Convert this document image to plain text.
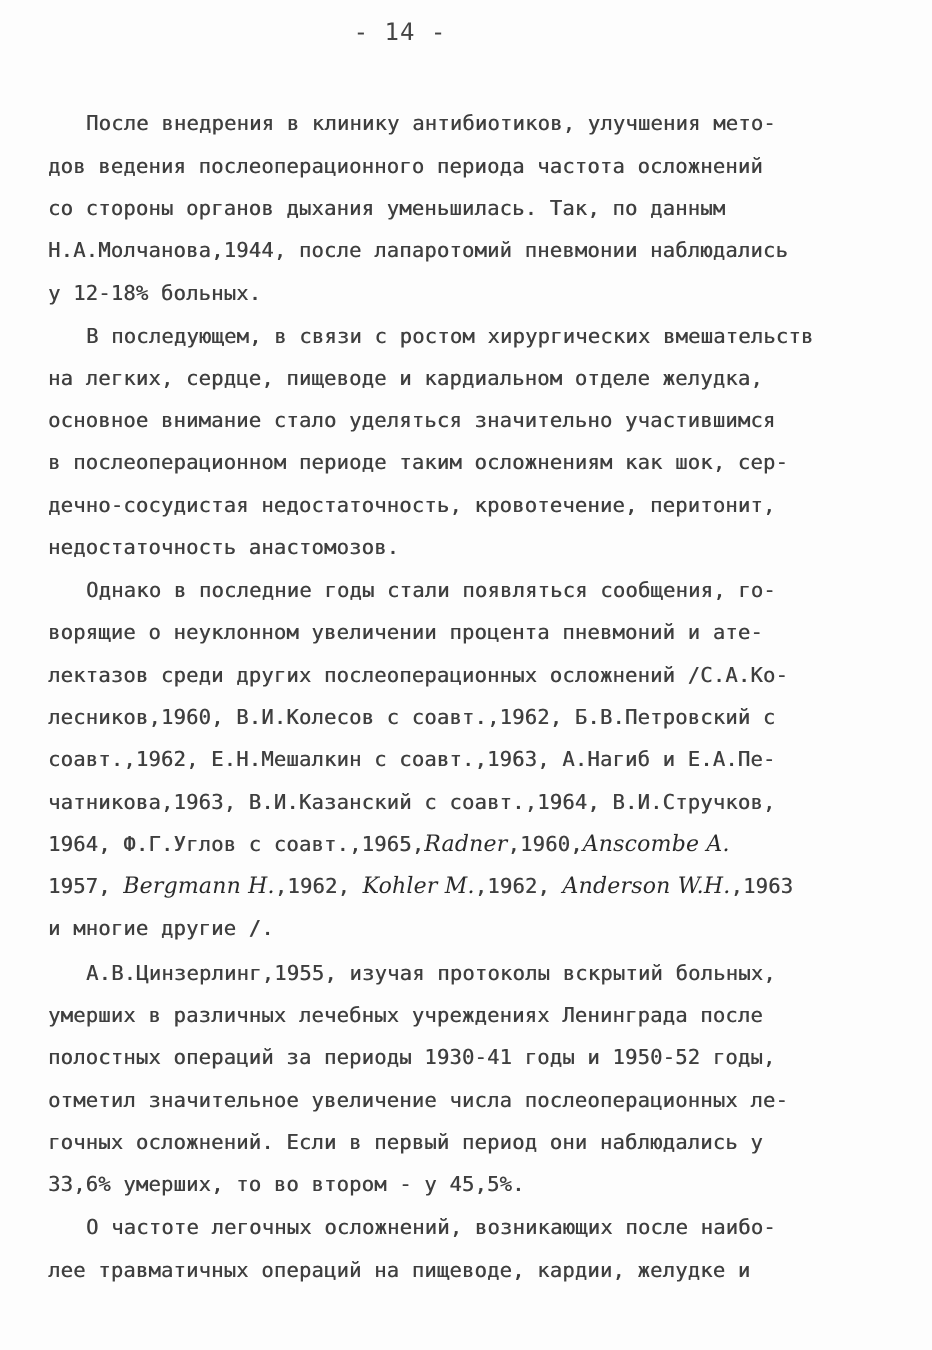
- 14 -
После внедрения в клинику антибиотиков, улучшения мето-
дов ведения послеоперационного периода частота осложнений
со стороны органов дыхания уменьшилась. Так, по данным
Н.А.Молчанова,1944, после лапаротомий пневмонии наблюдались
у 12-18% больных.
В последующем, в связи с ростом хирургических вмешательств
на легких, сердце, пищеводе и кардиальном отделе желудка,
основное внимание стало уделяться значительно участившимся
в послеоперационном периоде таким осложнениям как шок, сер-
дечно-сосудистая недостаточность, кровотечение, перитонит,
недостаточность анастомозов.
Однако в последние годы стали появляться сообщения, го-
ворящие о неуклонном увеличении процента пневмоний и ате-
лектазов среди других послеоперационных осложнений /С.А.Ко-
лесников,1960, В.И.Колесов с соавт.,1962, Б.В.Петровский с
соавт.,1962, Е.Н.Мешалкин с соавт.,1963, А.Нагиб и Е.А.Пе-
чатникова,1963, В.И.Казанский с соавт.,1964, В.И.Стручков,
1964, Ф.Г.Углов с соавт.,1965,Radner,1960,Anscombe A.
1957, Bergmann H.,1962, Kohler M.,1962, Anderson W.H.,1963
и многие другие /.
А.В.Цинзерлинг,1955, изучая протоколы вскрытий больных,
умерших в различных лечебных учреждениях Ленинграда после
полостных операций за периоды 1930-41 годы и 1950-52 годы,
отметил значительное увеличение числа послеоперационных ле-
гочных осложнений. Если в первый период они наблюдались у
33,6% умерших, то во втором - у 45,5%.
О частоте легочных осложнений, возникающих после наибо-
лее травматичных операций на пищеводе, кардии, желудке и
